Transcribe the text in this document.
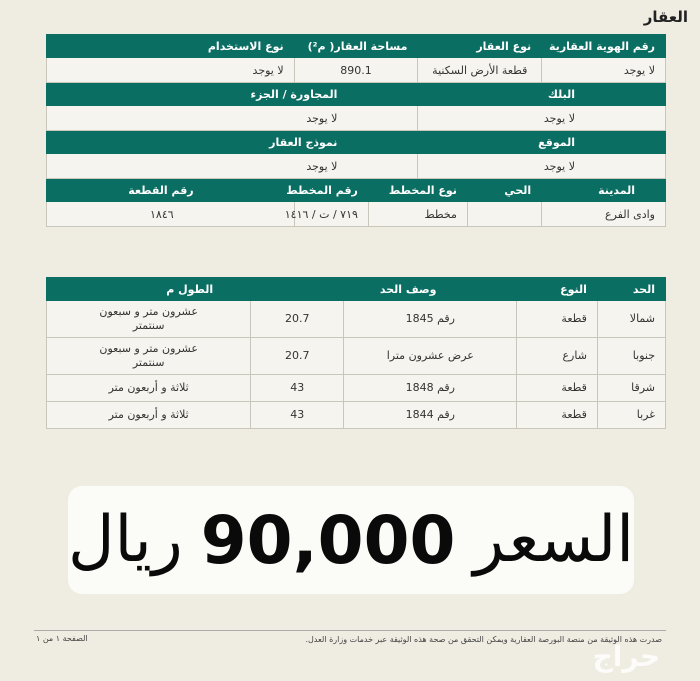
العقار
رقم الهوية العقارية	نوع العقار		مساحة العقار( م²)		نوع الاستخدام
لا يوجد	قطعة الأرض السكنية		890.1		لا يوجد
البلك			المجاورة / الجزء		
لا يوجد			لا يوجد		
الموقع			نموذج العقار		
لا يوجد			لا يوجد		
المدينة	الحي	نوع المخطط		رقم المخطط	رقم القطعة
وادى الفرع		مخطط		٧١٩ / ت / ١٤١٦	١٨٤٦
الحد	النوع	وصف الحد	الطول م	
شمالا	قطعة	رقم 1845	20.7	عشرون متر و سبعون سنتمتر
جنوبا	شارع	عرض عشرون مترا	20.7	عشرون متر و سبعون سنتمتر
شرقا	قطعة	رقم 1848	43	ثلاثة و أربعون متر
غربا	قطعة	رقم 1844	43	ثلاثة و أربعون متر
السعر
90,000
ريال
صدرت هذه الوثيقة من منصة البورصة العقارية ويمكن التحقق من صحة هذه الوثيقة عبر خدمات وزارة العدل.
الصفحة ١ من ١
حراج
